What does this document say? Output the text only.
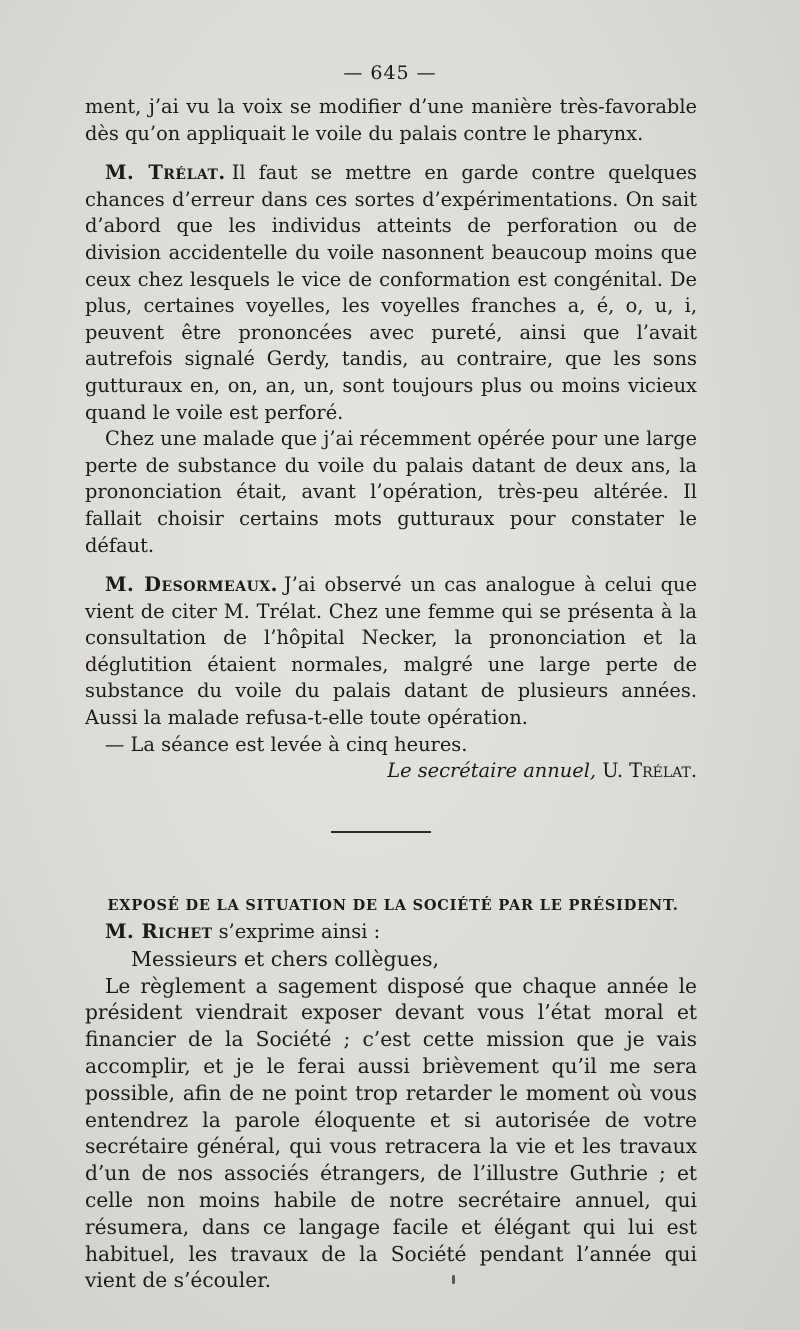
— 645 —

ment, j’ai vu la voix se modifier d’une manière très-favorable dès qu’on appliquait le voile du palais contre le pharynx.

M. Trélat. Il faut se mettre en garde contre quelques chances d’erreur dans ces sortes d’expérimentations. On sait d’abord que les individus atteints de perforation ou de division accidentelle du voile nasonnent beaucoup moins que ceux chez lesquels le vice de conformation est congénital. De plus, certaines voyelles, les voyelles franches a, é, o, u, i, peuvent être prononcées avec pureté, ainsi que l’avait autrefois signalé Gerdy, tandis, au contraire, que les sons gutturaux en, on, an, un, sont toujours plus ou moins vicieux quand le voile est perforé.

Chez une malade que j’ai récemment opérée pour une large perte de substance du voile du palais datant de deux ans, la prononciation était, avant l’opération, très-peu altérée. Il fallait choisir certains mots gutturaux pour constater le défaut.

M. Desormeaux. J’ai observé un cas analogue à celui que vient de citer M. Trélat. Chez une femme qui se présenta à la consultation de l’hôpital Necker, la prononciation et la déglutition étaient normales, malgré une large perte de substance du voile du palais datant de plusieurs années. Aussi la malade refusa-t-elle toute opération.

— La séance est levée à cinq heures.

Le secrétaire annuel, U. Trélat.

EXPOSÉ DE LA SITUATION DE LA SOCIÉTÉ PAR LE PRÉSIDENT.

M. Richet s’exprime ainsi :

Messieurs et chers collègues,

Le règlement a sagement disposé que chaque année le président viendrait exposer devant vous l’état moral et financier de la Société ; c’est cette mission que je vais accomplir, et je le ferai aussi brièvement qu’il me sera possible, afin de ne point trop retarder le moment où vous entendrez la parole éloquente et si autorisée de votre secrétaire général, qui vous retracera la vie et les travaux d’un de nos associés étrangers, de l’illustre Guthrie ; et celle non moins habile de notre secrétaire annuel, qui résumera, dans ce langage facile et élégant qui lui est habituel, les travaux de la Société pendant l’année qui vient de s’écouler.
